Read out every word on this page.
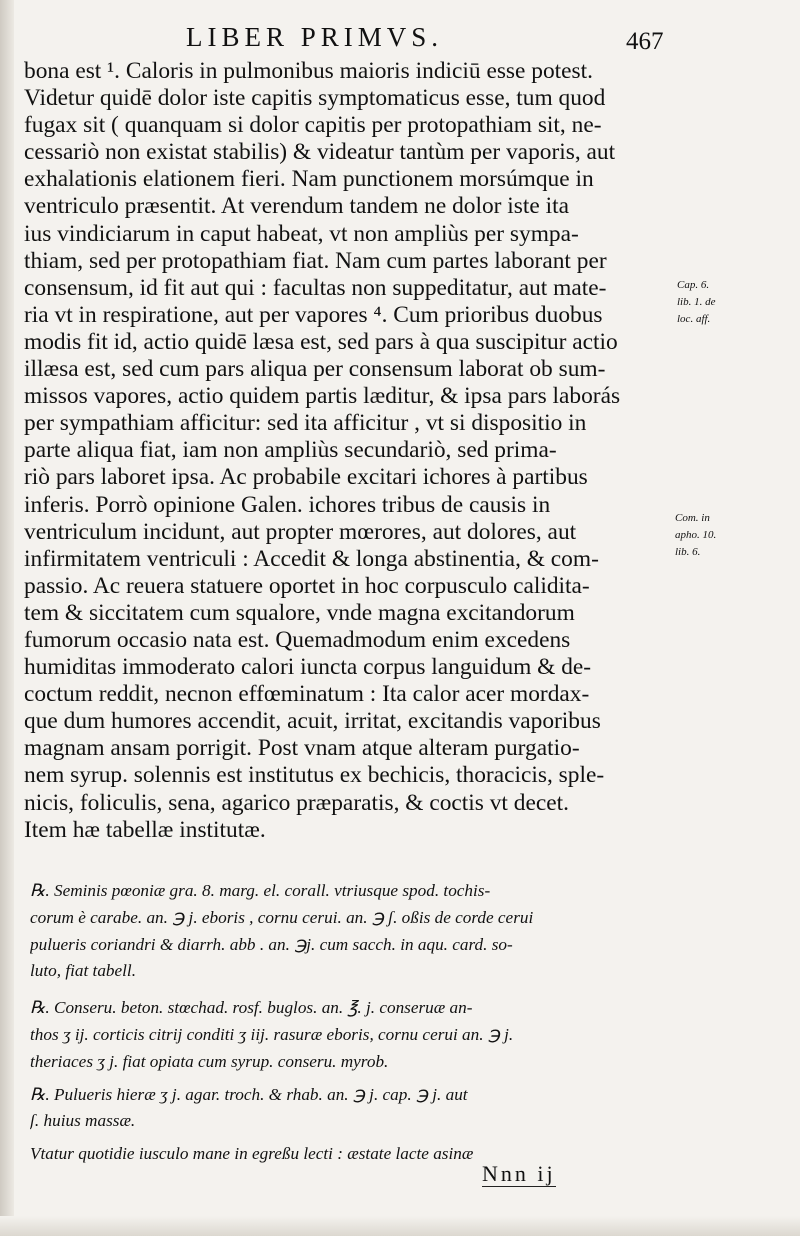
LIBER PRIMVS.	467
bona est ¹. Caloris in pulmonibus maioris indiciū esse potest.
Videtur quidē dolor iste capitis symptomaticus esse, tum quod
fugax sit ( quanquam si dolor capitis per protopathiam sit, ne-
cessariò non existat stabilis) & videatur tantùm per vaporis, aut
exhalationis elationem fieri. Nam punctionem morsúmque in
ventriculo præsentit. At verendum tandem ne dolor iste ita
ius vindiciarum in caput habeat, vt non ampliùs per sympa-
thiam, sed per protopathiam fiat. Nam cum partes laborant per
consensum, id fit aut qui : facultas non suppeditatur, aut mate-
ria vt in respiratione, aut per vapores ⁴. Cum prioribus duobus
modis fit id, actio quidē læsa est, sed pars à qua suscipitur actio
illæsa est, sed cum pars aliqua per consensum laborat ob sum-
missos vapores, actio quidem partis læditur, & ipsa pars laborás
per sympathiam afficitur: sed ita afficitur , vt si dispositio in
parte aliqua fiat, iam non ampliùs secundariò, sed prima-
riò pars laboret ipsa. Ac probabile excitari ichores à partibus
inferis. Porrò opinione Galen. ichores tribus de causis in
ventriculum incidunt, aut propter mœrores, aut dolores, aut
infirmitatem ventriculi : Accedit & longa abstinentia, & com-
passio. Ac reuera statuere oportet in hoc corpusculo calidita-
tem & siccitatem cum squalore, vnde magna excitandorum
fumorum occasio nata est. Quemadmodum enim excedens
humiditas immoderato calori iuncta corpus languidum & de-
coctum reddit, necnon effœminatum : Ita calor acer mordax-
que dum humores accendit, acuit, irritat, excitandis vaporibus
magnam ansam porrigit. Post vnam atque alteram purgatio-
nem syrup. solennis est institutus ex bechicis, thoracicis, sple-
nicis, foliculis, sena, agarico præparatis, & coctis vt decet.
Item hæ tabellæ institutæ.
Cap. 6.
lib. 1. de
loc. aff.
Com. in
apho. 10.
lib. 6.
℞. Seminis pœoniæ gra. 8. marg. el. corall. vtriusque spod. tochis-
corum è carabe. an. ℈ j. eboris , cornu cerui. an. ℈ ʃ. oßis de corde cerui
pulueris coriandri & diarrh. abb . an. ℈j. cum sacch. in aqu. card. so-
luto, fiat tabell.
℞. Conseru. beton. stœchad. rosf. buglos. an. ℥. j. conseruæ an-
thos ʒ ij. corticis citrij conditi ʒ iij. rasuræ eboris, cornu cerui an. ℈ j.
theriaces ʒ j. fiat opiata cum syrup. conseru. myrob.
℞. Pulueris hieræ ʒ j. agar. troch. & rhab. an. ℈ j. cap. ℈ j. aut
ʃ. huius massæ.
Vtatur quotidie iusculo mane in egreßu lecti : æstate lacte asinæ
Nnn ij
